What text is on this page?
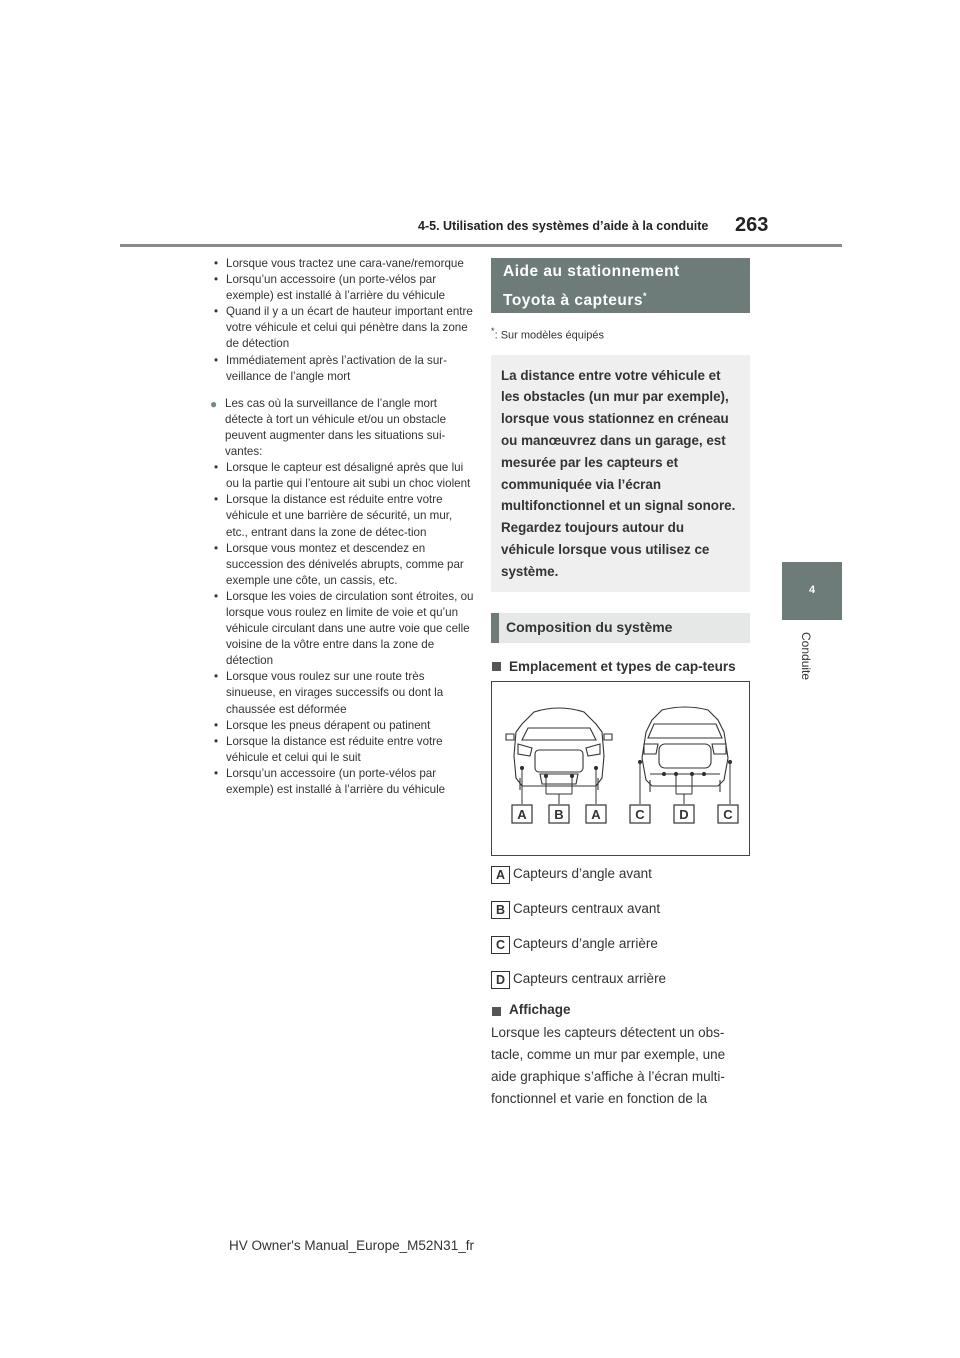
4-5. Utilisation des systèmes d’aide à la conduite 263
4
Conduite
• Lorsque vous tractez une cara-vane/remorque
• Lorsqu’un accessoire (un porte-vélos par exemple) est installé à l’arrière du véhicule
• Quand il y a un écart de hauteur important entre votre véhicule et celui qui pénètre dans la zone de détection
• Immédiatement après l’activation de la sur-veillance de l’angle mort
● Les cas où la surveillance de l’angle mort détecte à tort un véhicule et/ou un obstacle peuvent augmenter dans les situations sui-vantes:
• Lorsque le capteur est désaligné après que lui ou la partie qui l’entoure ait subi un choc violent
• Lorsque la distance est réduite entre votre véhicule et une barrière de sécurité, un mur, etc., entrant dans la zone de détec-tion
• Lorsque vous montez et descendez en succession des dénivelés abrupts, comme par exemple une côte, un cassis, etc.
• Lorsque les voies de circulation sont étroites, ou lorsque vous roulez en limite de voie et qu’un véhicule circulant dans une autre voie que celle voisine de la vôtre entre dans la zone de détection
• Lorsque vous roulez sur une route très sinueuse, en virages successifs ou dont la chaussée est déformée
• Lorsque les pneus dérapent ou patinent
• Lorsque la distance est réduite entre votre véhicule et celui qui le suit
• Lorsqu’un accessoire (un porte-vélos par exemple) est installé à l’arrière du véhicule
Aide au stationnement
Toyota à capteurs*
*: Sur modèles équipés
La distance entre votre véhicule et les obstacles (un mur par exemple), lorsque vous stationnez en créneau ou manœuvrez dans un garage, est mesurée par les capteurs et communiquée via l’écran multifonctionnel et un signal sonore. Regardez toujours autour du véhicule lorsque vous utilisez ce système.
Composition du système
Emplacement et types de cap-teurs
A B A	C	D	C
A Capteurs d’angle avant
B Capteurs centraux avant
C Capteurs d’angle arrière
D Capteurs centraux arrière
Affichage
Lorsque les capteurs détectent un obs-tacle, comme un mur par exemple, une aide graphique s’affiche à l’écran multi-fonctionnel et varie en fonction de la
HV Owner's Manual_Europe_M52N31_fr
